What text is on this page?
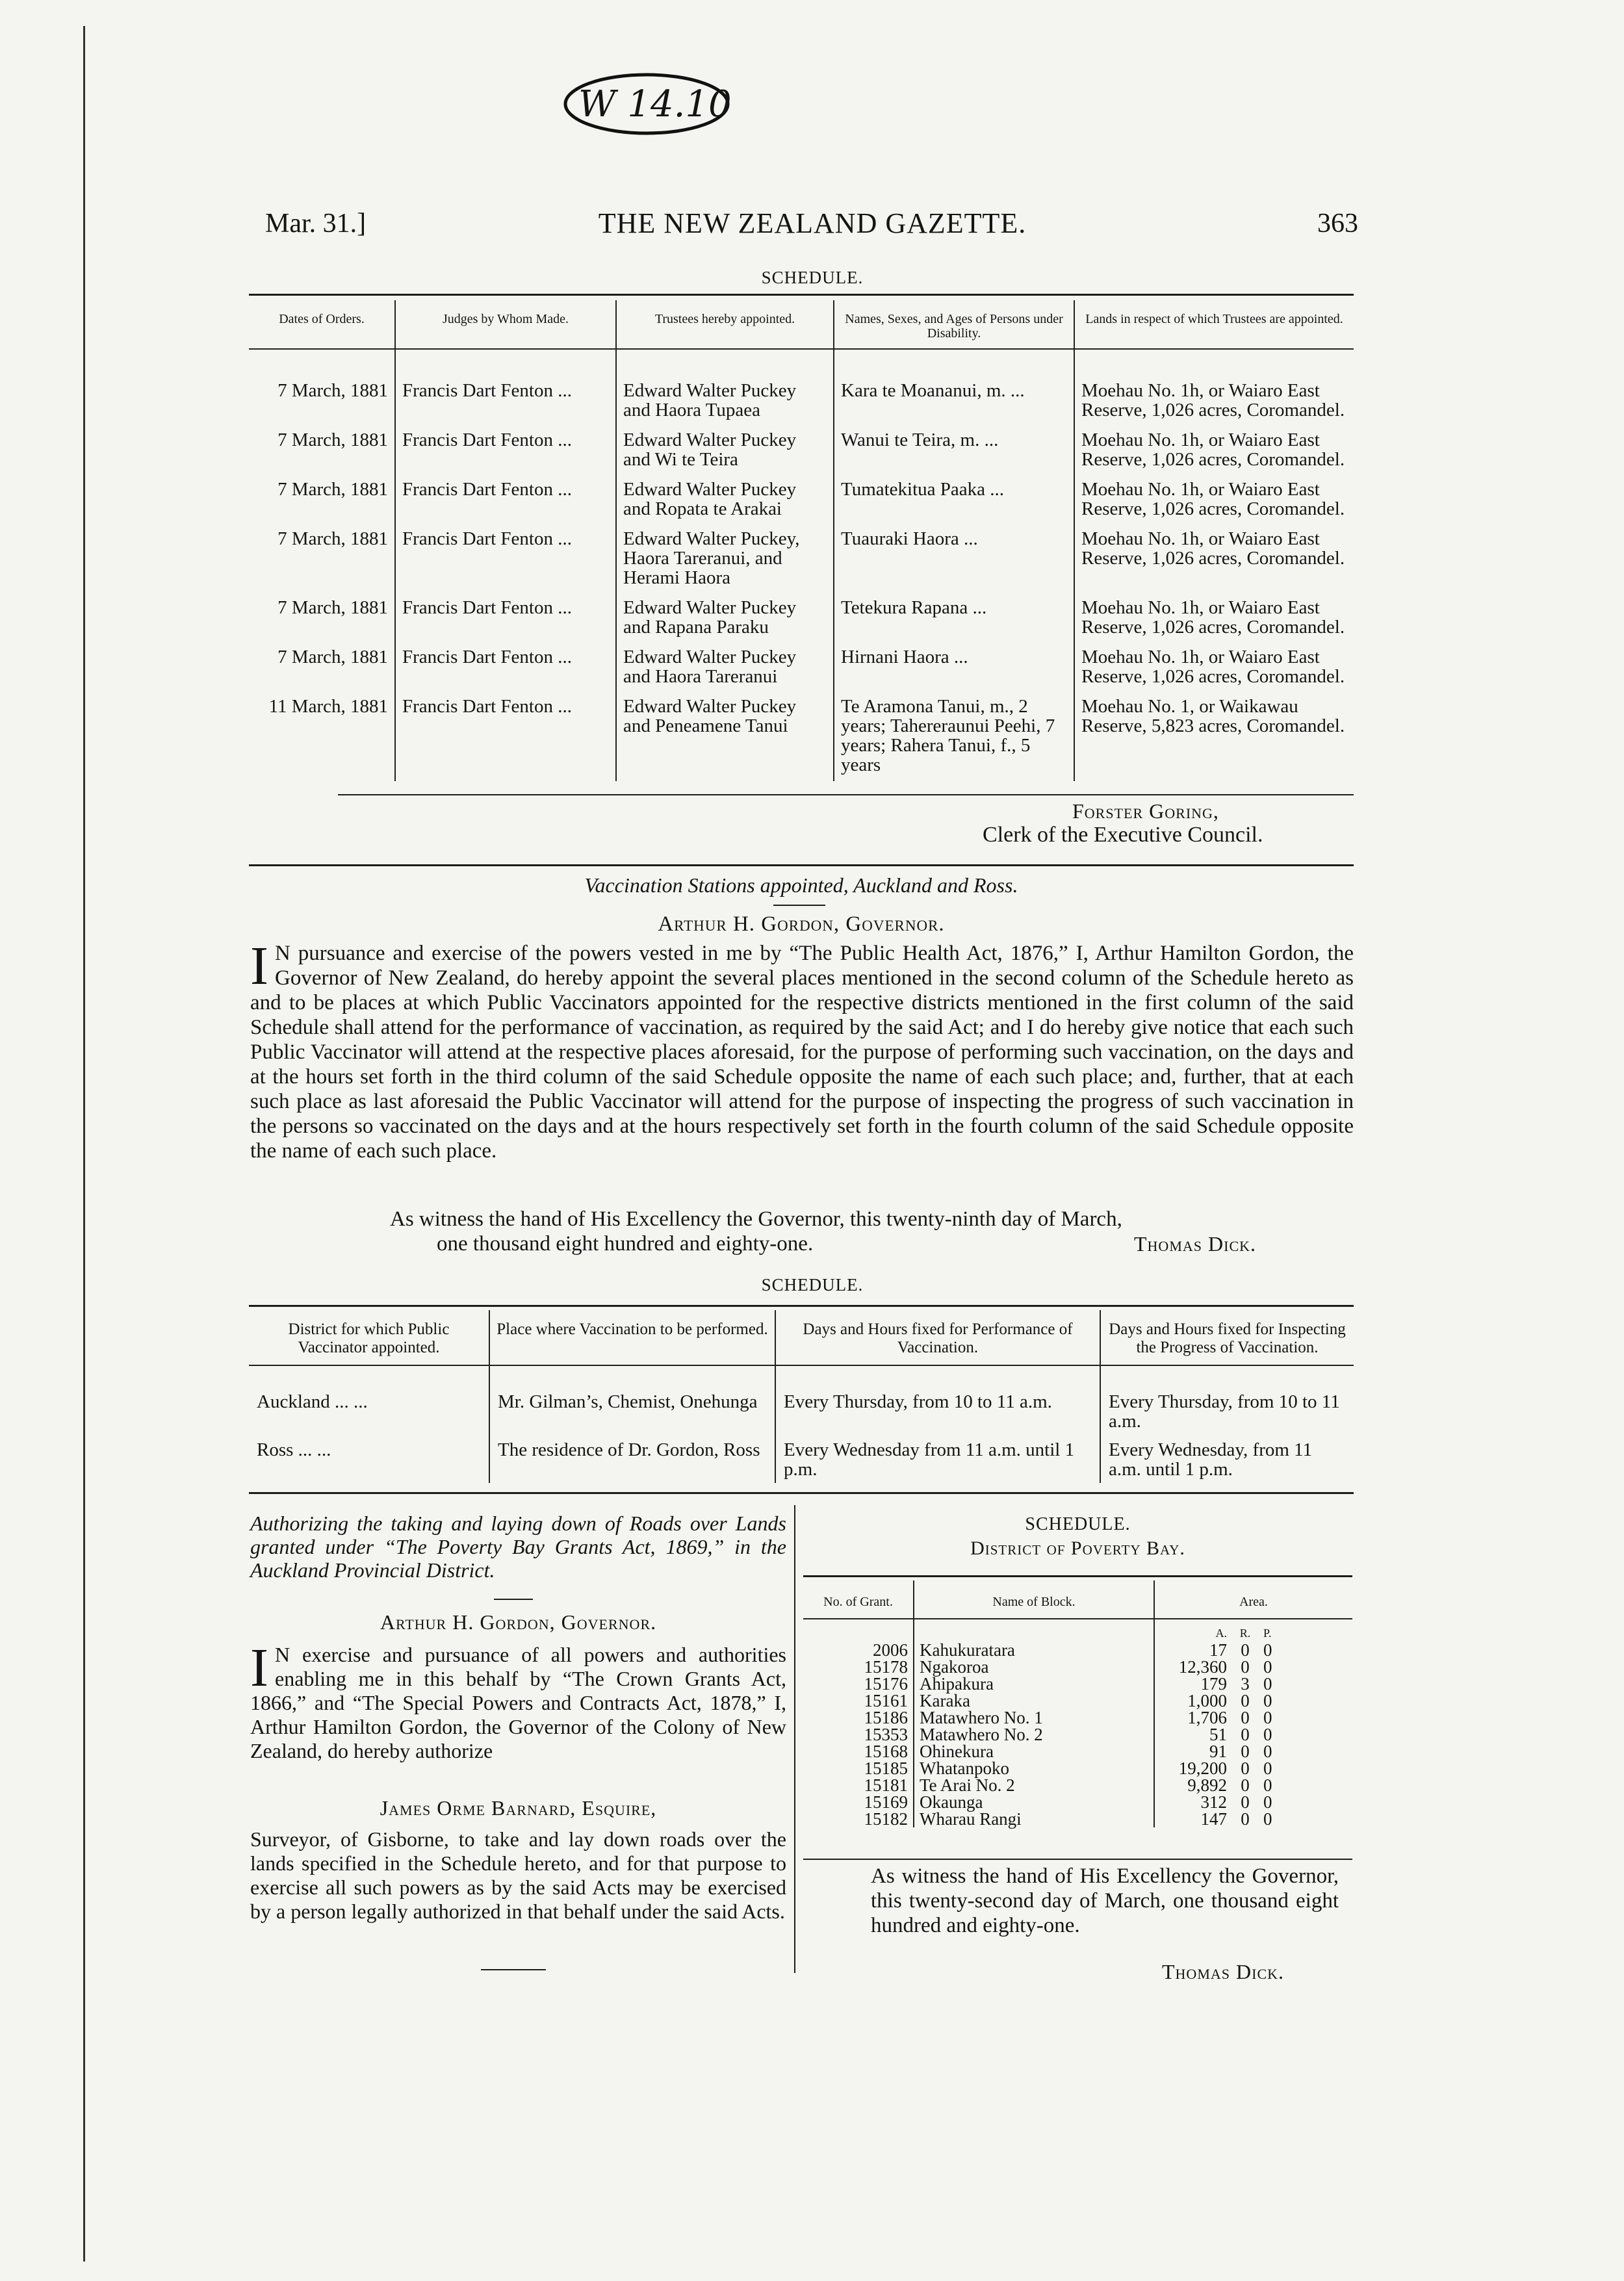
W 14.10
Mar. 31.]	THE NEW ZEALAND GAZETTE.	363
SCHEDULE.
Dates of Orders.	Judges by Whom Made.	Trustees hereby appointed.	Names, Sexes, and Ages of Persons under Disability.	Lands in respect of which Trustees are appointed.
7 March, 1881	Francis Dart Fenton ...	Edward Walter Puckey and Haora Tupaea	Kara te Moananui, m. ...	Moehau No. 1h, or Waiaro East Reserve, 1,026 acres, Coromandel.
7 March, 1881	Francis Dart Fenton ...	Edward Walter Puckey and Wi te Teira	Wanui te Teira, m. ...	Moehau No. 1h, or Waiaro East Reserve, 1,026 acres, Coromandel.
7 March, 1881	Francis Dart Fenton ...	Edward Walter Puckey and Ropata te Arakai	Tumatekitua Paaka ...	Moehau No. 1h, or Waiaro East Reserve, 1,026 acres, Coromandel.
7 March, 1881	Francis Dart Fenton ...	Edward Walter Puckey, Haora Tareranui, and Herami Haora	Tuauraki Haora ...	Moehau No. 1h, or Waiaro East Reserve, 1,026 acres, Coromandel.
7 March, 1881	Francis Dart Fenton ...	Edward Walter Puckey and Rapana Paraku	Tetekura Rapana ...	Moehau No. 1h, or Waiaro East Reserve, 1,026 acres, Coromandel.
7 March, 1881	Francis Dart Fenton ...	Edward Walter Puckey and Haora Tareranui	Hirnani Haora ...	Moehau No. 1h, or Waiaro East Reserve, 1,026 acres, Coromandel.
11 March, 1881	Francis Dart Fenton ...	Edward Walter Puckey and Peneamene Tanui	Te Aramona Tanui, m., 2 years; Tahereraunui Peehi, 7 years; Rahera Tanui, f., 5 years	Moehau No. 1, or Waikawau Reserve, 5,823 acres, Coromandel.
Forster Goring,
Clerk of the Executive Council.
Vaccination Stations appointed, Auckland and Ross.
Arthur H. Gordon, Governor.
I N pursuance and exercise of the powers vested in me by “The Public Health Act, 1876,” I, Arthur Hamilton Gordon, the Governor of New Zealand, do hereby appoint the several places mentioned in the second column of the Schedule hereto as and to be places at which Public Vaccinators appointed for the respective districts mentioned in the first column of the said Schedule shall attend for the performance of vaccination, as required by the said Act; and I do hereby give notice that each such Public Vaccinator will attend at the respective places aforesaid, for the purpose of performing such vaccination, on the days and at the hours set forth in the third column of the said Schedule opposite the name of each such place; and, further, that at each such place as last aforesaid the Public Vaccinator will attend for the purpose of inspecting the progress of such vaccination in the persons so vaccinated on the days and at the hours respectively set forth in the fourth column of the said Schedule opposite the name of each such place.
As witness the hand of His Excellency the Governor, this twenty-ninth day of March,
one thousand eight hundred and eighty-one.	Thomas Dick.
SCHEDULE.
District for which Public Vaccinator appointed.	Place where Vaccination to be performed.	Days and Hours fixed for Performance of Vaccination.	Days and Hours fixed for Inspecting the Progress of Vaccination.
Auckland ... ...	Mr. Gilman’s, Chemist, Onehunga	Every Thursday, from 10 to 11 a.m.	Every Thursday, from 10 to 11 a.m.
Ross ... ...	The residence of Dr. Gordon, Ross	Every Wednesday from 11 a.m. until 1 p.m.	Every Wednesday, from 11 a.m. until 1 p.m.
Authorizing the taking and laying down of Roads over Lands granted under “The Poverty Bay Grants Act, 1869,” in the Auckland Provincial District.
Arthur H. Gordon, Governor.
I N exercise and pursuance of all powers and authorities enabling me in this behalf by “The Crown Grants Act, 1866,” and “The Special Powers and Contracts Act, 1878,” I, Arthur Hamilton Gordon, the Governor of the Colony of New Zealand, do hereby authorize
James Orme Barnard, Esquire,
Surveyor, of Gisborne, to take and lay down roads over the lands specified in the Schedule hereto, and for that purpose to exercise all such powers as by the said Acts may be exercised by a person legally authorized in that behalf under the said Acts.
SCHEDULE.
District of Poverty Bay.
No. of Grant.	Name of Block.	Area.		
		A.	R.	P.
2006	Kahukuratara	17	0	0
15178	Ngakoroa	12,360	0	0
15176	Ahipakura	179	3	0
15161	Karaka	1,000	0	0
15186	Matawhero No. 1	1,706	0	0
15353	Matawhero No. 2	51	0	0
15168	Ohinekura	91	0	0
15185	Whatanpoko	19,200	0	0
15181	Te Arai No. 2	9,892	0	0
15169	Okaunga	312	0	0
15182	Wharau Rangi	147	0	0
As witness the hand of His Excellency the Governor, this twenty-second day of March, one thousand eight hundred and eighty-one.
Thomas Dick.
